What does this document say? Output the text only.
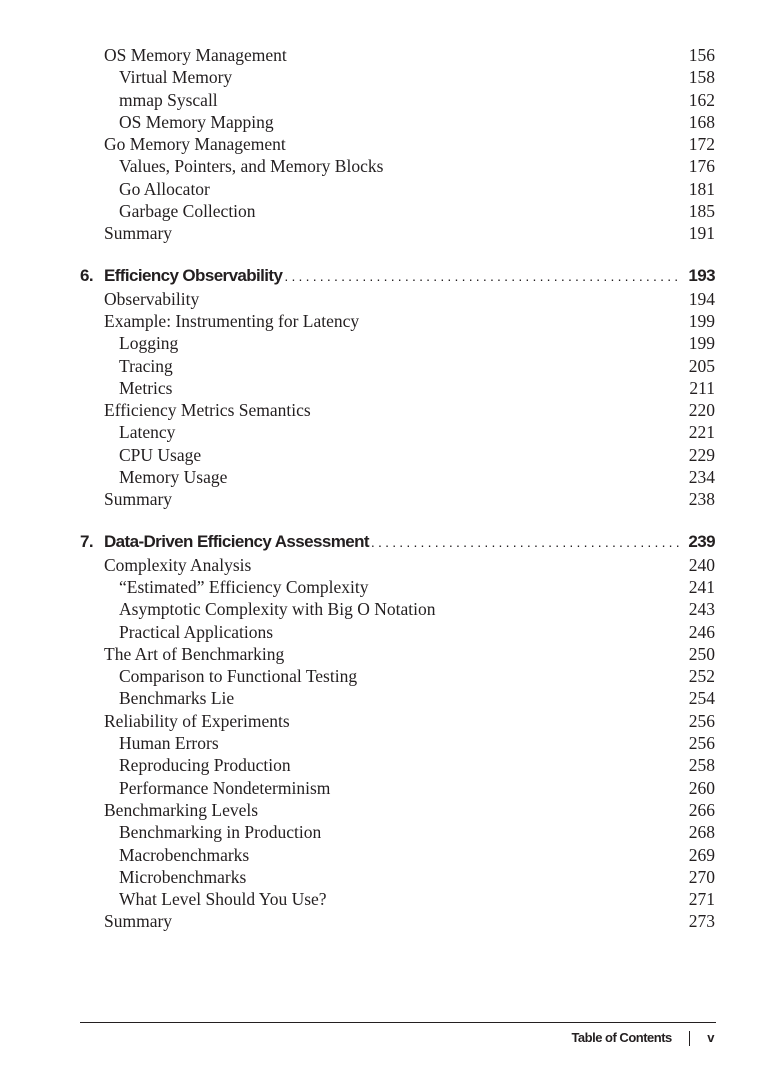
OS Memory Management	156
Virtual Memory	158
mmap Syscall	162
OS Memory Mapping	168
Go Memory Management	172
Values, Pointers, and Memory Blocks	176
Go Allocator	181
Garbage Collection	185
Summary	191
6. Efficiency Observability .....	193
Observability	194
Example: Instrumenting for Latency	199
Logging	199
Tracing	205
Metrics	211
Efficiency Metrics Semantics	220
Latency	221
CPU Usage	229
Memory Usage	234
Summary	238
7. Data-Driven Efficiency Assessment .....	239
Complexity Analysis	240
“Estimated” Efficiency Complexity	241
Asymptotic Complexity with Big O Notation	243
Practical Applications	246
The Art of Benchmarking	250
Comparison to Functional Testing	252
Benchmarks Lie	254
Reliability of Experiments	256
Human Errors	256
Reproducing Production	258
Performance Nondeterminism	260
Benchmarking Levels	266
Benchmarking in Production	268
Macrobenchmarks	269
Microbenchmarks	270
What Level Should You Use?	271
Summary	273
Table of Contents	v
